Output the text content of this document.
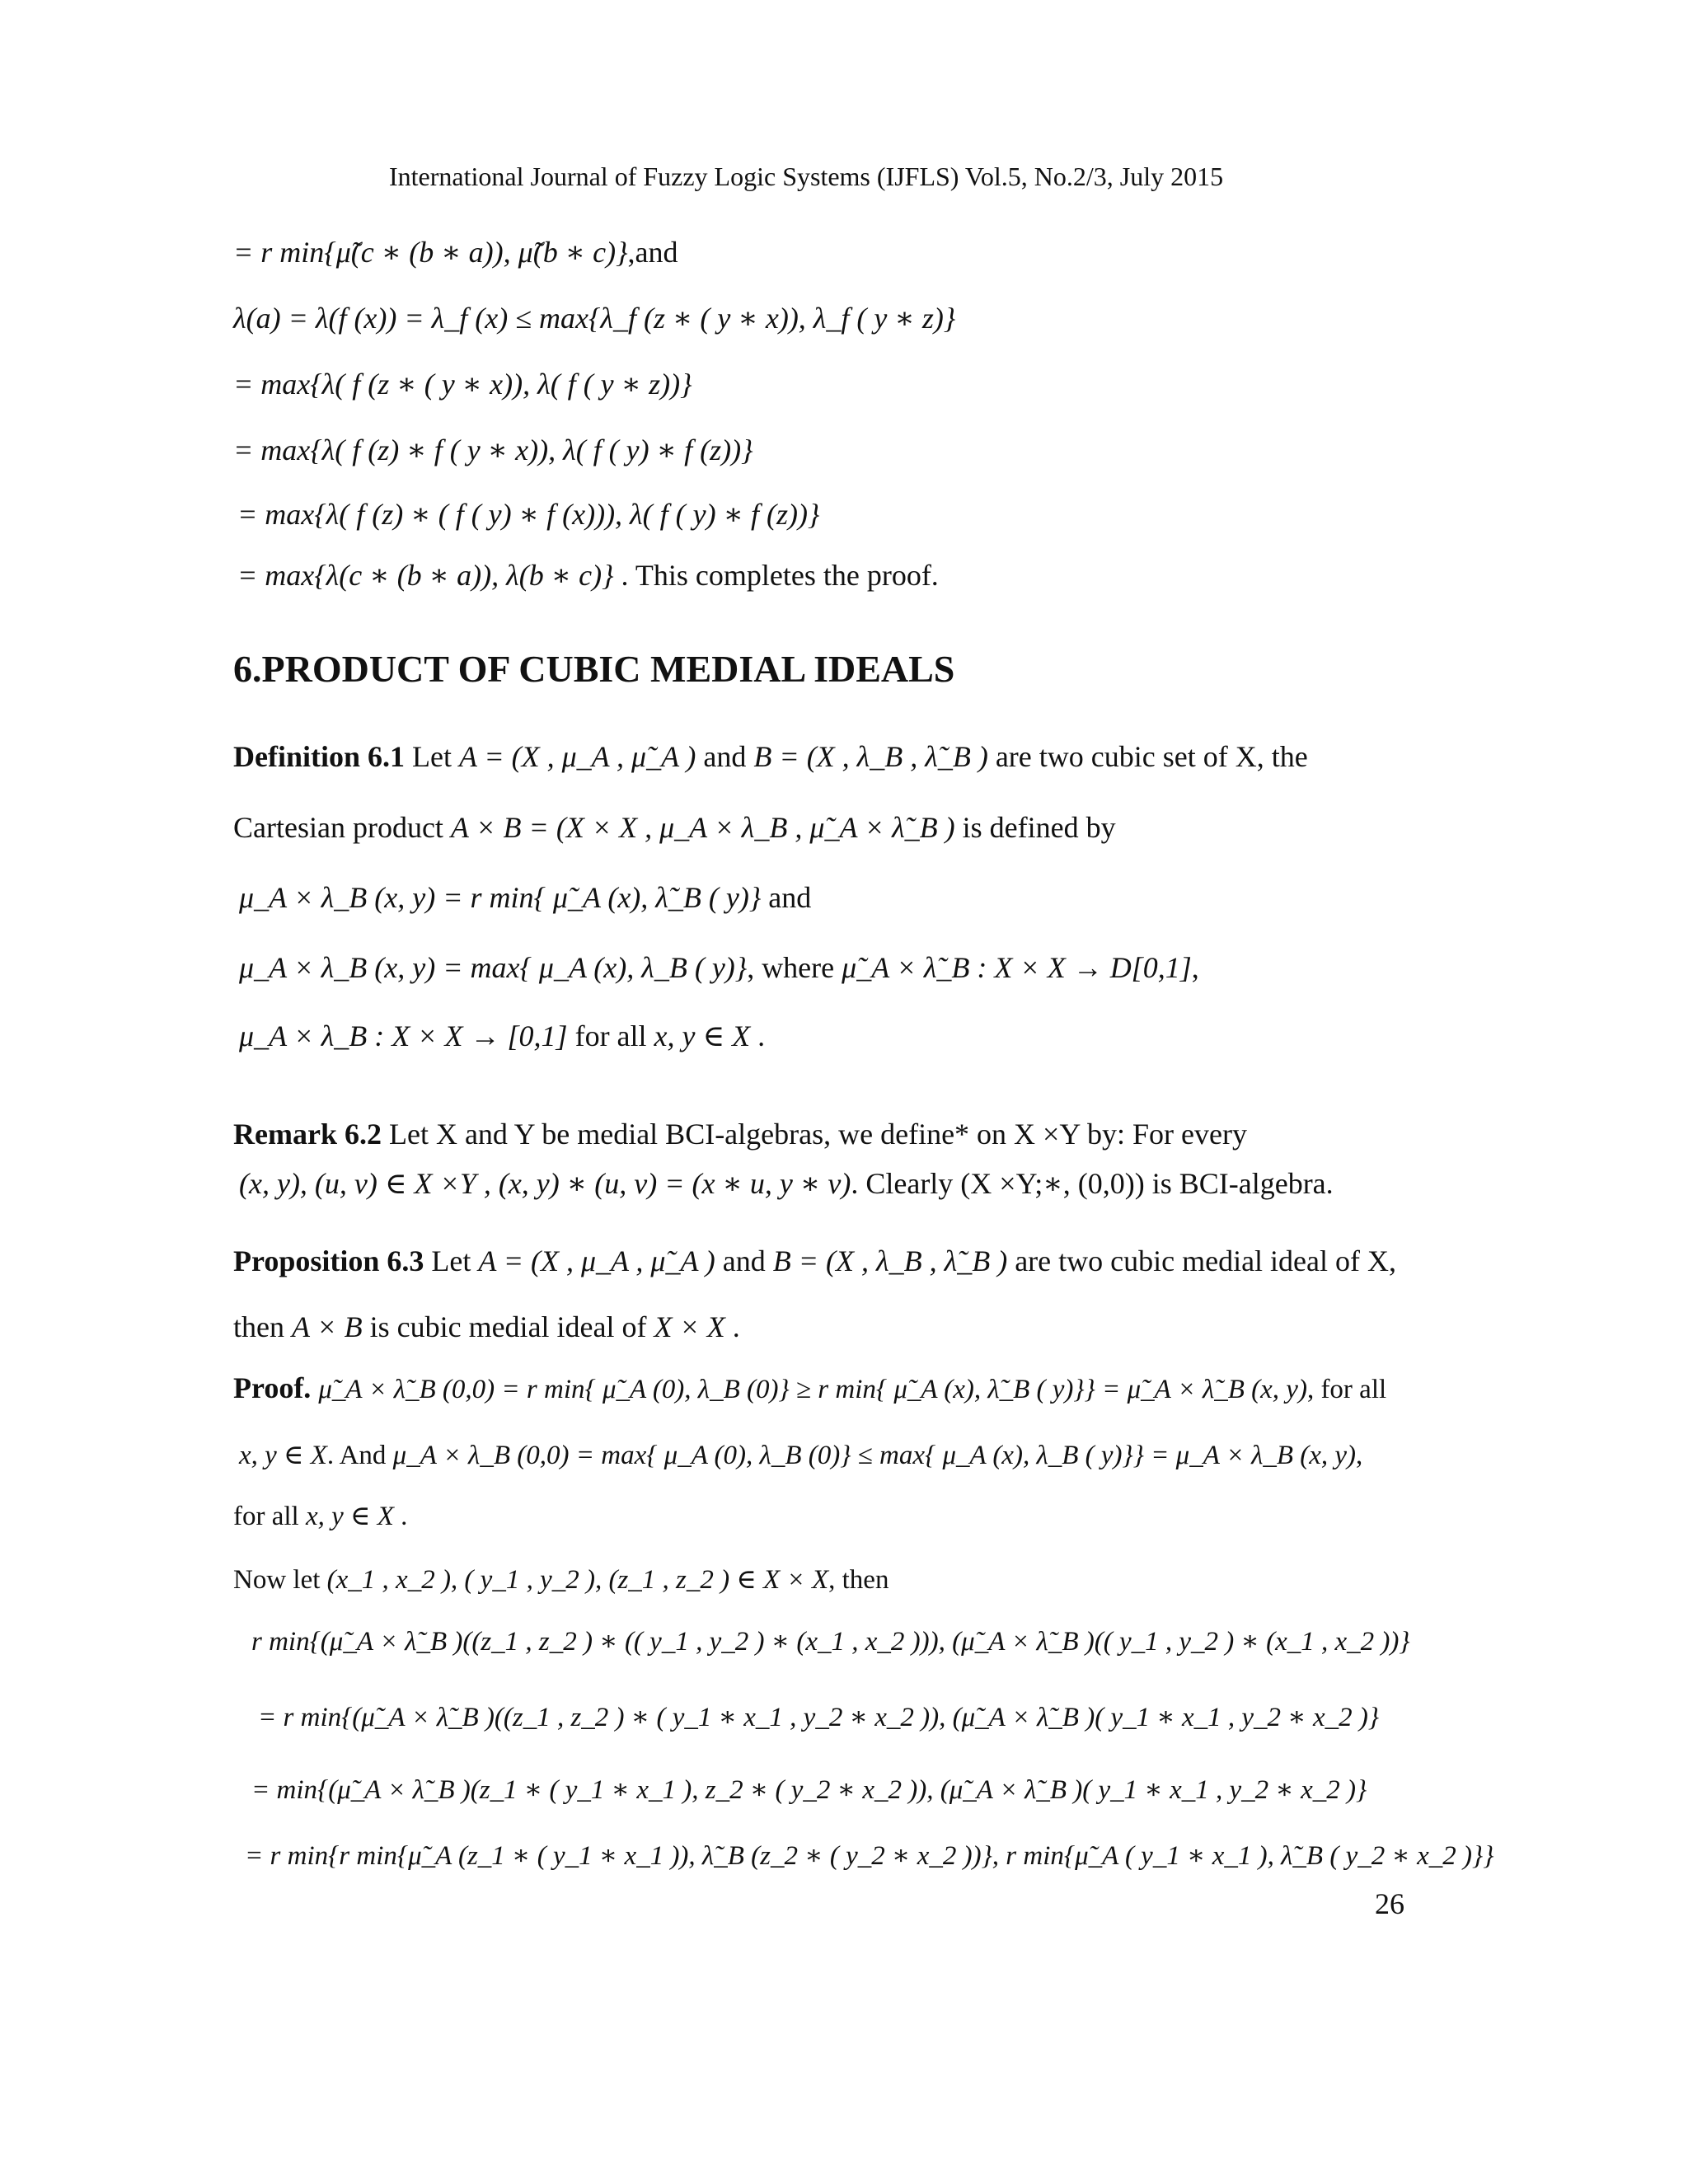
International Journal of Fuzzy Logic Systems (IJFLS) Vol.5, No.2/3, July 2015
= r min{μ̃(c ∗ (b ∗ a)), μ̃(b ∗ c)},and
λ(a) = λ(f (x)) = λ_f (x) ≤ max{λ_f (z ∗ ( y ∗ x)), λ_f ( y ∗ z)}
= max{λ( f (z ∗ ( y ∗ x)), λ( f ( y ∗ z))}
= max{λ( f (z) ∗ f ( y ∗ x)), λ( f ( y) ∗ f (z))}
= max{λ( f (z) ∗ ( f ( y) ∗ f (x))), λ( f ( y) ∗ f (z))}
= max{λ(c ∗ (b ∗ a)), λ(b ∗ c)} . This completes the proof.
6.PRODUCT OF CUBIC MEDIAL IDEALS
Definition 6.1 Let A = (X , μ_A , μ̃_A ) and B = (X , λ_B , λ̃_B ) are two cubic set of X, the
Cartesian product A × B = (X × X , μ_A × λ_B , μ̃_A × λ̃_B ) is defined by
μ_A × λ_B (x, y) = r min{ μ̃_A (x), λ̃_B ( y)} and
μ_A × λ_B (x, y) = max{ μ_A (x), λ_B ( y)}, where μ̃_A × λ̃_B : X × X → D[0,1],
μ_A × λ_B : X × X → [0,1] for all x, y ∈ X .
Remark 6.2 Let X and Y be medial BCI-algebras, we define* on X ×Y by: For every
(x, y), (u, v) ∈ X ×Y , (x, y) ∗ (u, v) = (x ∗ u, y ∗ v). Clearly (X ×Y;∗, (0,0)) is BCI-algebra.
Proposition 6.3 Let A = (X , μ_A , μ̃_A ) and B = (X , λ_B , λ̃_B ) are two cubic medial ideal of X,
then A × B is cubic medial ideal of X × X .
Proof. μ̃_A × λ̃_B (0,0) = r min{ μ̃_A (0), λ_B (0)} ≥ r min{ μ̃_A (x), λ̃_B ( y)}} = μ̃_A × λ̃_B (x, y), for all
x, y ∈ X. And μ_A × λ_B (0,0) = max{ μ_A (0), λ_B (0)} ≤ max{ μ_A (x), λ_B ( y)}} = μ_A × λ_B (x, y),
for all x, y ∈ X .
Now let (x_1 , x_2 ), ( y_1 , y_2 ), (z_1 , z_2 ) ∈ X × X, then
r min{(μ̃_A × λ̃_B )((z_1 , z_2 ) ∗ (( y_1 , y_2 ) ∗ (x_1 , x_2 ))), (μ̃_A × λ̃_B )(( y_1 , y_2 ) ∗ (x_1 , x_2 ))}
= r min{(μ̃_A × λ̃_B )((z_1 , z_2 ) ∗ ( y_1 ∗ x_1 , y_2 ∗ x_2 )), (μ̃_A × λ̃_B )( y_1 ∗ x_1 , y_2 ∗ x_2 )}
= min{(μ̃_A × λ̃_B )(z_1 ∗ ( y_1 ∗ x_1 ), z_2 ∗ ( y_2 ∗ x_2 )), (μ̃_A × λ̃_B )( y_1 ∗ x_1 , y_2 ∗ x_2 )}
= r min{r min{μ̃_A (z_1 ∗ ( y_1 ∗ x_1 )), λ̃_B (z_2 ∗ ( y_2 ∗ x_2 ))}, r min{μ̃_A ( y_1 ∗ x_1 ), λ̃_B ( y_2 ∗ x_2 )}}
26
